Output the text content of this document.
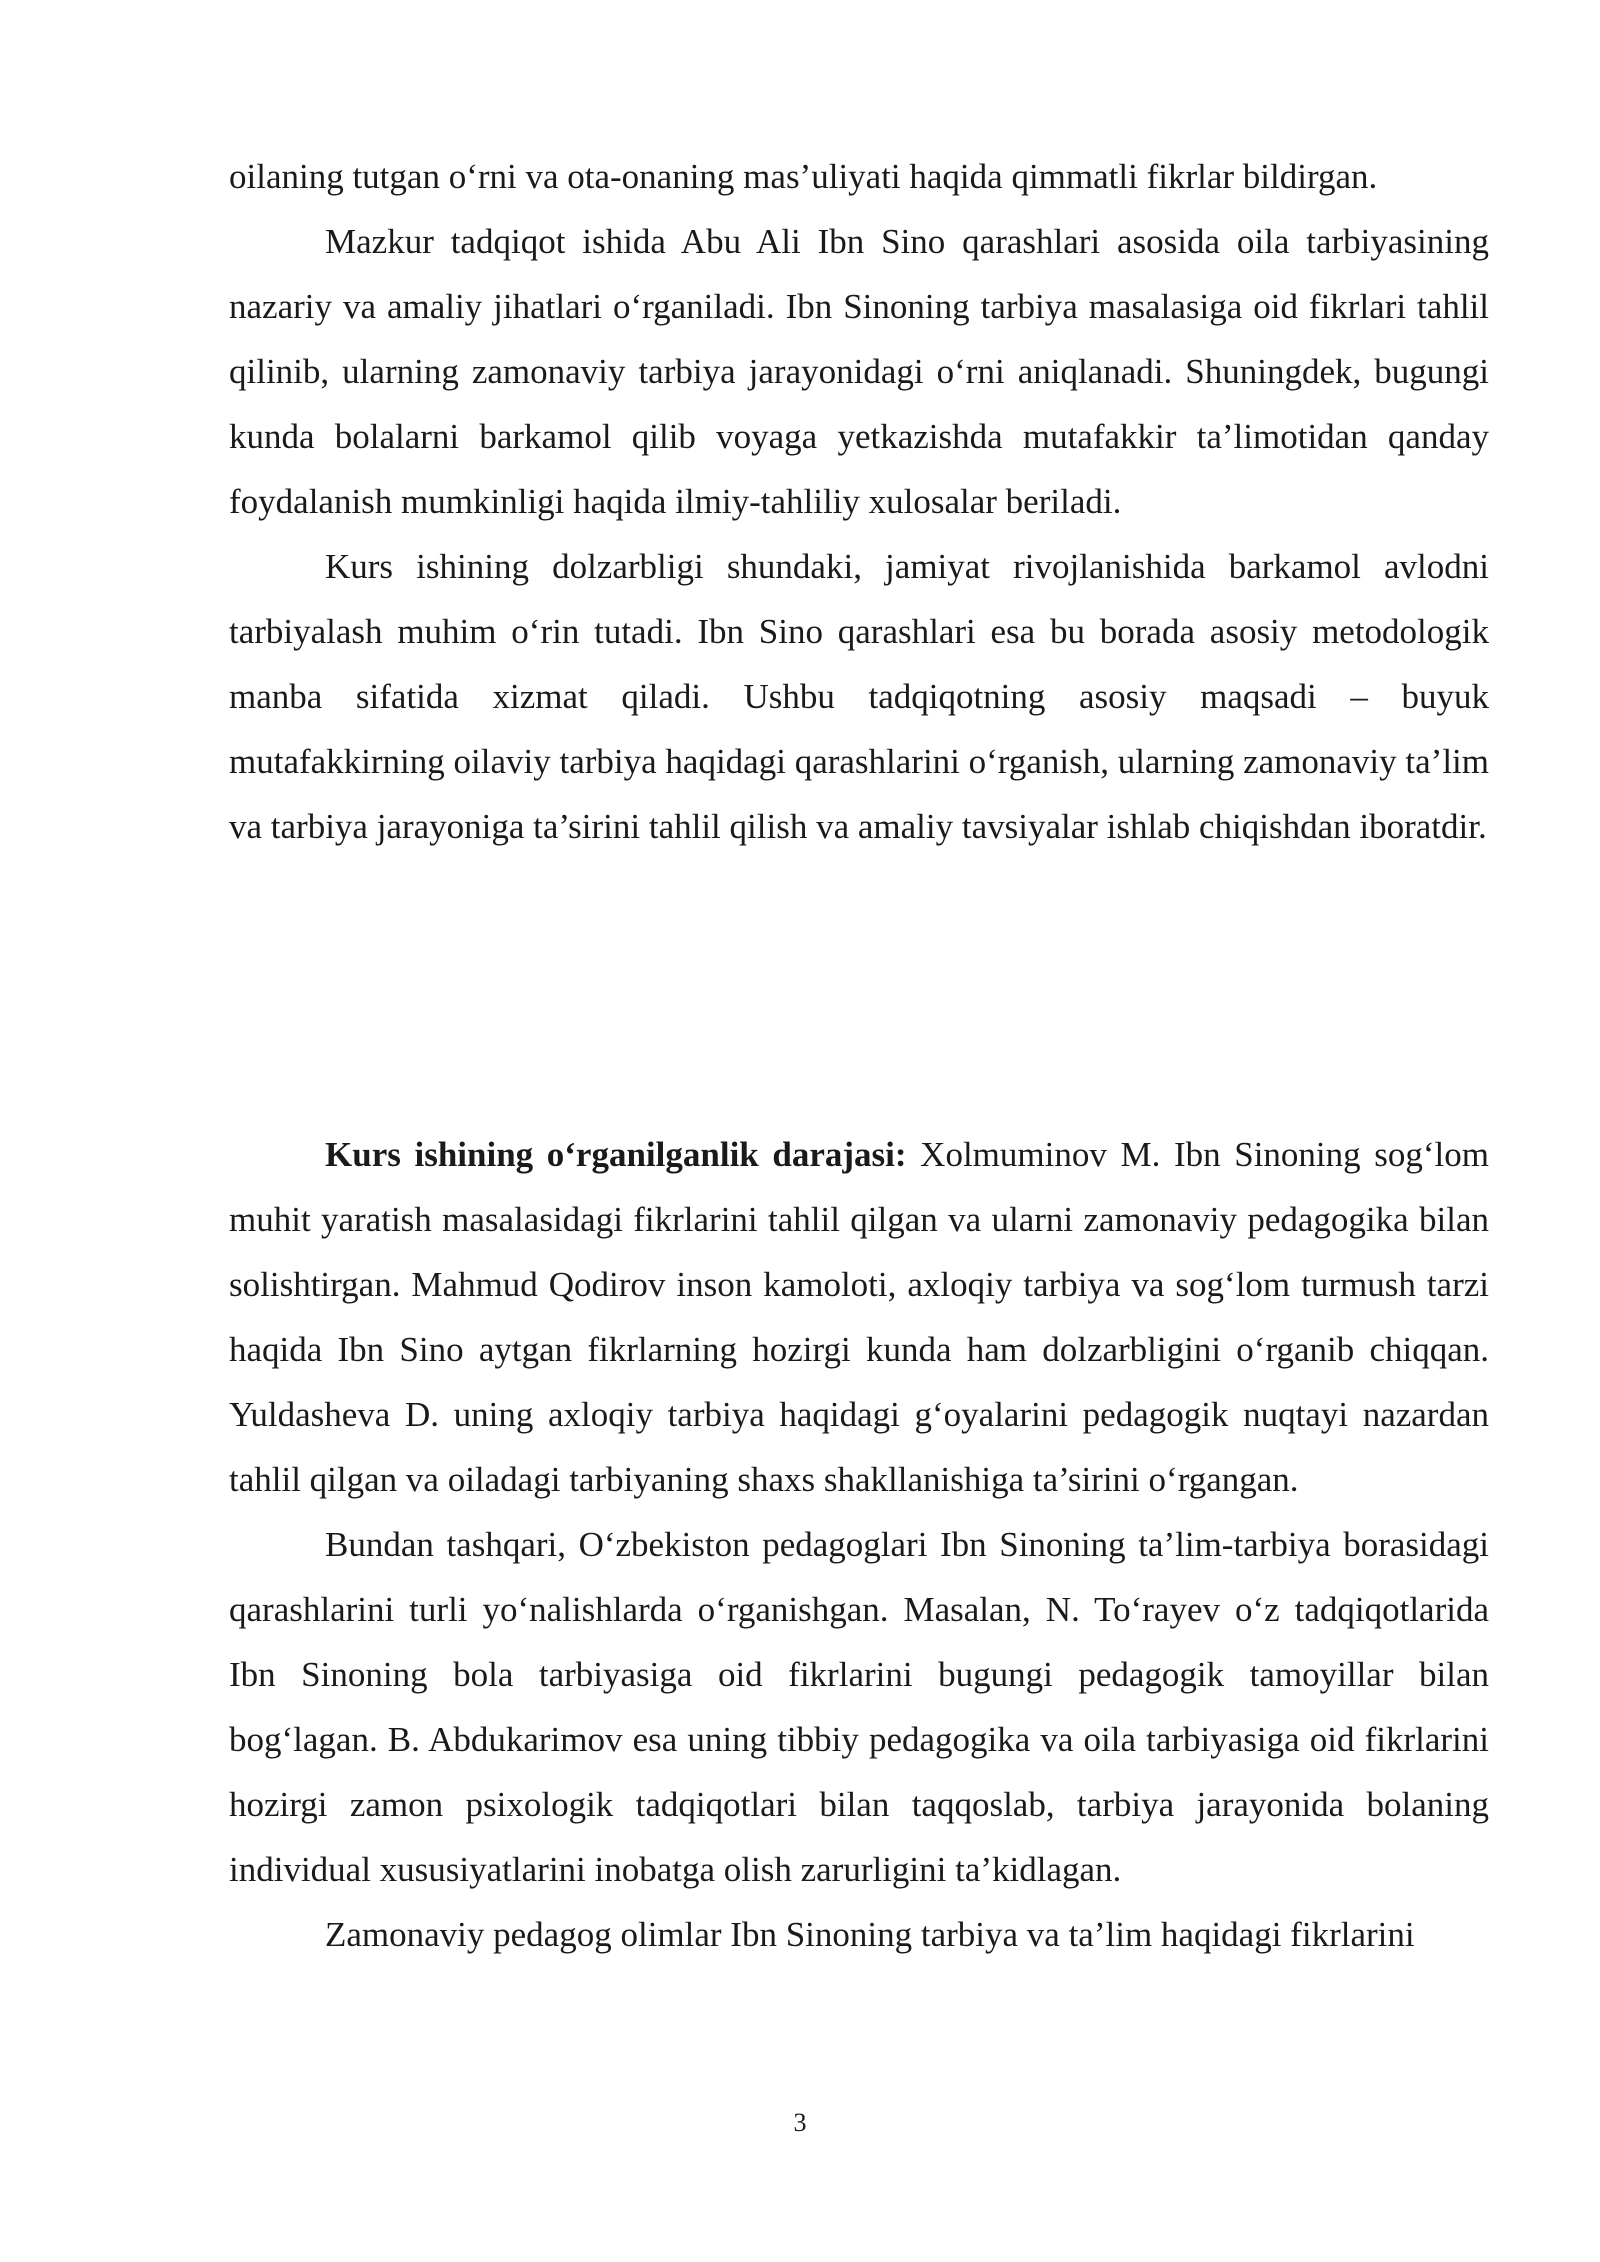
oilaning tutgan o‘rni va ota-onaning mas’uliyati haqida qimmatli fikrlar bildirgan.

Mazkur tadqiqot ishida Abu Ali Ibn Sino qarashlari asosida oila tarbiyasining nazariy va amaliy jihatlari o‘rganiladi. Ibn Sinoning tarbiya masalasiga oid fikrlari tahlil qilinib, ularning zamonaviy tarbiya jarayonidagi o‘rni aniqlanadi. Shuningdek, bugungi kunda bolalarni barkamol qilib voyaga yetkazishda mutafakkir ta’limotidan qanday foydalanish mumkinligi haqida ilmiy-tahliliy xulosalar beriladi.

Kurs ishining dolzarbligi shundaki, jamiyat rivojlanishida barkamol avlodni tarbiyalash muhim o‘rin tutadi. Ibn Sino qarashlari esa bu borada asosiy metodologik manba sifatida xizmat qiladi. Ushbu tadqiqotning asosiy maqsadi – buyuk mutafakkirning oilaviy tarbiya haqidagi qarashlarini o‘rganish, ularning zamonaviy ta’lim va tarbiya jarayoniga ta’sirini tahlil qilish va amaliy tavsiyalar ishlab chiqishdan iboratdir.

Kurs ishining o‘rganilganlik darajasi: Xolmuminov M. Ibn Sinoning sog‘lom muhit yaratish masalasidagi fikrlarini tahlil qilgan va ularni zamonaviy pedagogika bilan solishtirgan. Mahmud Qodirov inson kamoloti, axloqiy tarbiya va sog‘lom turmush tarzi haqida Ibn Sino aytgan fikrlarning hozirgi kunda ham dolzarbligini o‘rganib chiqqan. Yuldasheva D. uning axloqiy tarbiya haqidagi g‘oyalarini pedagogik nuqtayi nazardan tahlil qilgan va oiladagi tarbiyaning shaxs shakllanishiga ta’sirini o‘rgangan.

Bundan tashqari, O‘zbekiston pedagoglari Ibn Sinoning ta’lim-tarbiya borasidagi qarashlarini turli yo‘nalishlarda o‘rganishgan. Masalan, N. To‘rayev o‘z tadqiqotlarida Ibn Sinoning bola tarbiyasiga oid fikrlarini bugungi pedagogik tamoyillar bilan bog‘lagan. B. Abdukarimov esa uning tibbiy pedagogika va oila tarbiyasiga oid fikrlarini hozirgi zamon psixologik tadqiqotlari bilan taqqoslab, tarbiya jarayonida bolaning individual xususiyatlarini inobatga olish zarurligini ta’kidlagan.

Zamonaviy pedagog olimlar Ibn Sinoning tarbiya va ta’lim haqidagi fikrlarini

3
